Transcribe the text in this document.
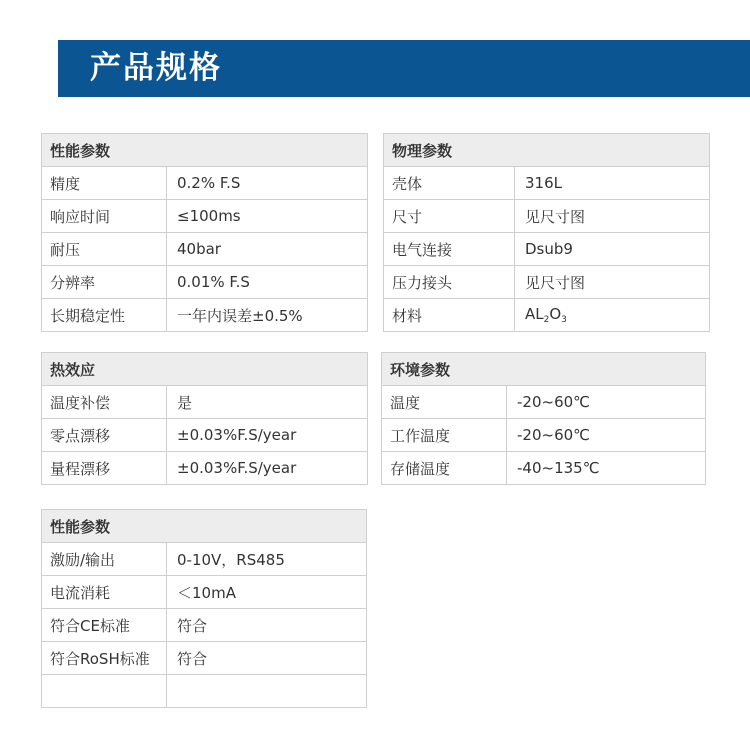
产品规格
性能参数	
精度	0.2% F.S
响应时间	≤100ms
耐压	40bar
分辨率	0.01% F.S
长期稳定性	一年内误差±0.5%
物理参数	
壳体	316L
尺寸	见尺寸图
电气连接	Dsub9
压力接头	见尺寸图
材料	$AL_2O_3$
热效应	
温度补偿	是
零点漂移	±0.03%F.S/year
量程漂移	±0.03%F.S/year
环境参数	
温度	-20~60℃
工作温度	-20~60℃
存储温度	-40~135℃
性能参数	
激励/输出	0-10V，RS485
电流消耗	＜10mA
符合CE标准	符合
符合RoSH标准	符合
